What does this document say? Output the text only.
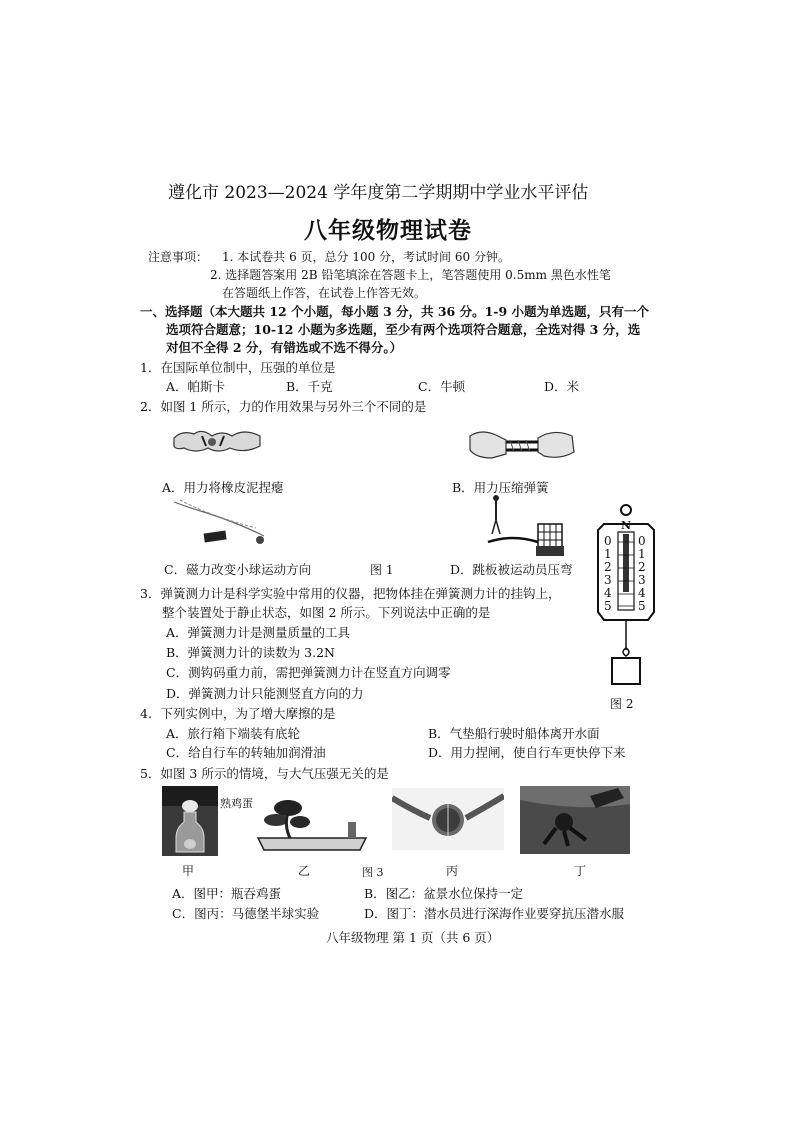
遵化市 2023—2024 学年度第二学期期中学业水平评估
八年级物理试卷
注意事项： 1. 本试卷共 6 页，总分 100 分，考试时间 60 分钟。
2. 选择题答案用 2B 铅笔填涂在答题卡上，笔答题使用 0.5mm 黑色水性笔
在答题纸上作答，在试卷上作答无效。
一、选择题（本大题共 12 个小题，每小题 3 分，共 36 分。1-9 小题为单选题，只有一个
选项符合题意；10-12 小题为多选题，至少有两个选项符合题意，全选对得 3 分，选
对但不全得 2 分，有错选或不选不得分。）
1．在国际单位制中，压强的单位是
A．帕斯卡	B．千克	C．牛顿	D．米
2．如图 1 所示，力的作用效果与另外三个不同的是
A．用力将橡皮泥捏瘪	B．用力压缩弹簧
C．磁力改变小球运动方向	图 1	D．跳板被运动员压弯
N
0
1
2
3
4
5
0
1
2
3
4
5
3．弹簧测力计是科学实验中常用的仪器，把物体挂在弹簧测力计的挂钩上，
整个装置处于静止状态，如图 2 所示。下列说法中正确的是
A．弹簧测力计是测量质量的工具
B．弹簧测力计的读数为 3.2N
C．测钩码重力前，需把弹簧测力计在竖直方向调零
D．弹簧测力计只能测竖直方向的力
图 2
4．下列实例中，为了增大摩擦的是
A．旅行箱下端装有底轮	B．气垫船行驶时船体离开水面
C．给自行车的转轴加润滑油	D．用力捏闸，使自行车更快停下来
5．如图 3 所示的情境，与大气压强无关的是
熟鸡蛋
甲	乙	图 3	丙	丁
A．图甲：瓶吞鸡蛋	B．图乙：盆景水位保持一定
C．图丙：马德堡半球实验	D．图丁：潜水员进行深海作业要穿抗压潜水服
八年级物理 第 1 页（共 6 页）
